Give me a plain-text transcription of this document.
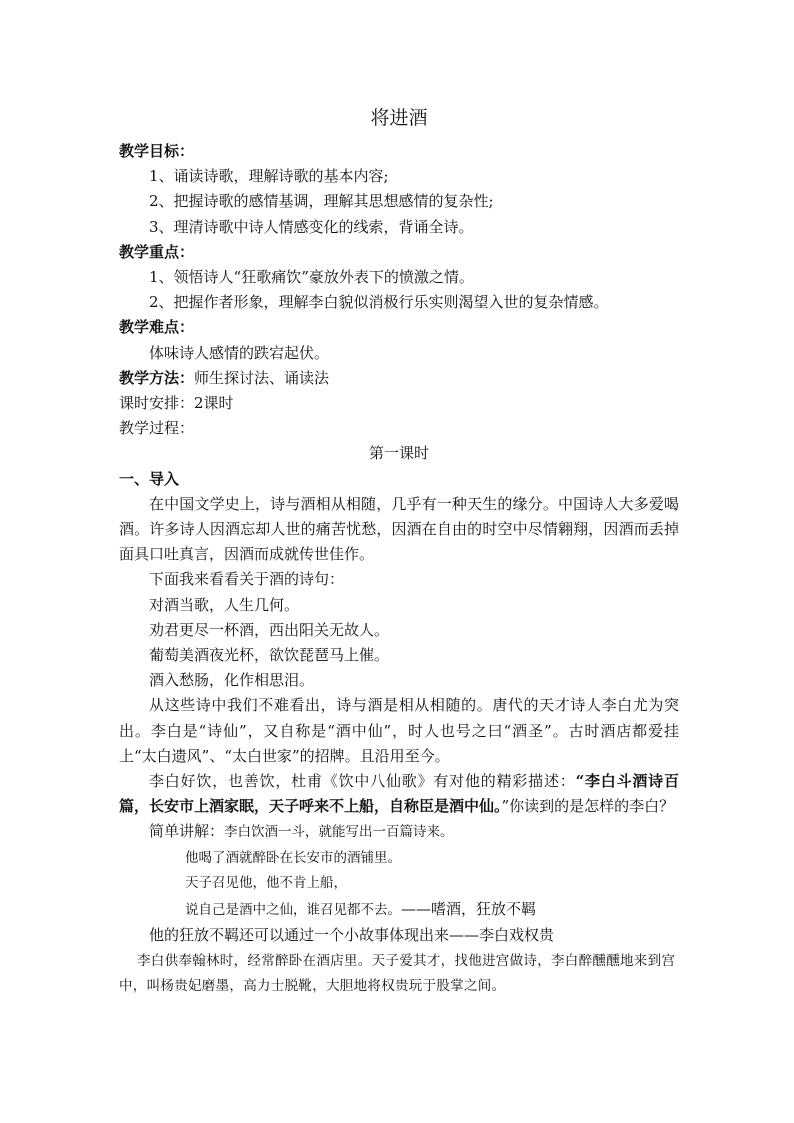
将进酒
教学目标：
1、诵读诗歌，理解诗歌的基本内容;
2、把握诗歌的感情基调，理解其思想感情的复杂性;
3、理清诗歌中诗人情感变化的线索，背诵全诗。
教学重点：
1、领悟诗人“狂歌痛饮”豪放外表下的愤激之情。
2、把握作者形象，理解李白貌似消极行乐实则渴望入世的复杂情感。
教学难点：
体味诗人感情的跌宕起伏。
教学方法：师生探讨法、诵读法
课时安排：2课时
教学过程：
第一课时
一、导入
在中国文学史上，诗与酒相从相随，几乎有一种天生的缘分。中国诗人大多爱喝酒。许多诗人因酒忘却人世的痛苦忧愁，因酒在自由的时空中尽情翱翔，因酒而丢掉面具口吐真言，因酒而成就传世佳作。
下面我来看看关于酒的诗句：
对酒当歌，人生几何。
劝君更尽一杯酒，西出阳关无故人。
葡萄美酒夜光杯，欲饮琵琶马上催。
酒入愁肠，化作相思泪。
从这些诗中我们不难看出，诗与酒是相从相随的。唐代的天才诗人李白尤为突出。李白是“诗仙”，又自称是“酒中仙”，时人也号之曰“酒圣”。古时酒店都爱挂上“太白遗风”、“太白世家”的招牌。且沿用至今。
李白好饮，也善饮，杜甫《饮中八仙歌》有对他的精彩描述：“李白斗酒诗百篇，长安市上酒家眠，天子呼来不上船，自称臣是酒中仙。”你读到的是怎样的李白？
简单讲解：李白饮酒一斗，就能写出一百篇诗来。
他喝了酒就醉卧在长安市的酒铺里。
天子召见他，他不肯上船，
说自己是酒中之仙，谁召见都不去。——嗜酒，狂放不羁
他的狂放不羁还可以通过一个小故事体现出来——李白戏权贵
李白供奉翰林时，经常醉卧在酒店里。天子爱其才，找他进宫做诗，李白醉醺醺地来到宫中，叫杨贵妃磨墨，高力士脱靴，大胆地将权贵玩于股掌之间。
